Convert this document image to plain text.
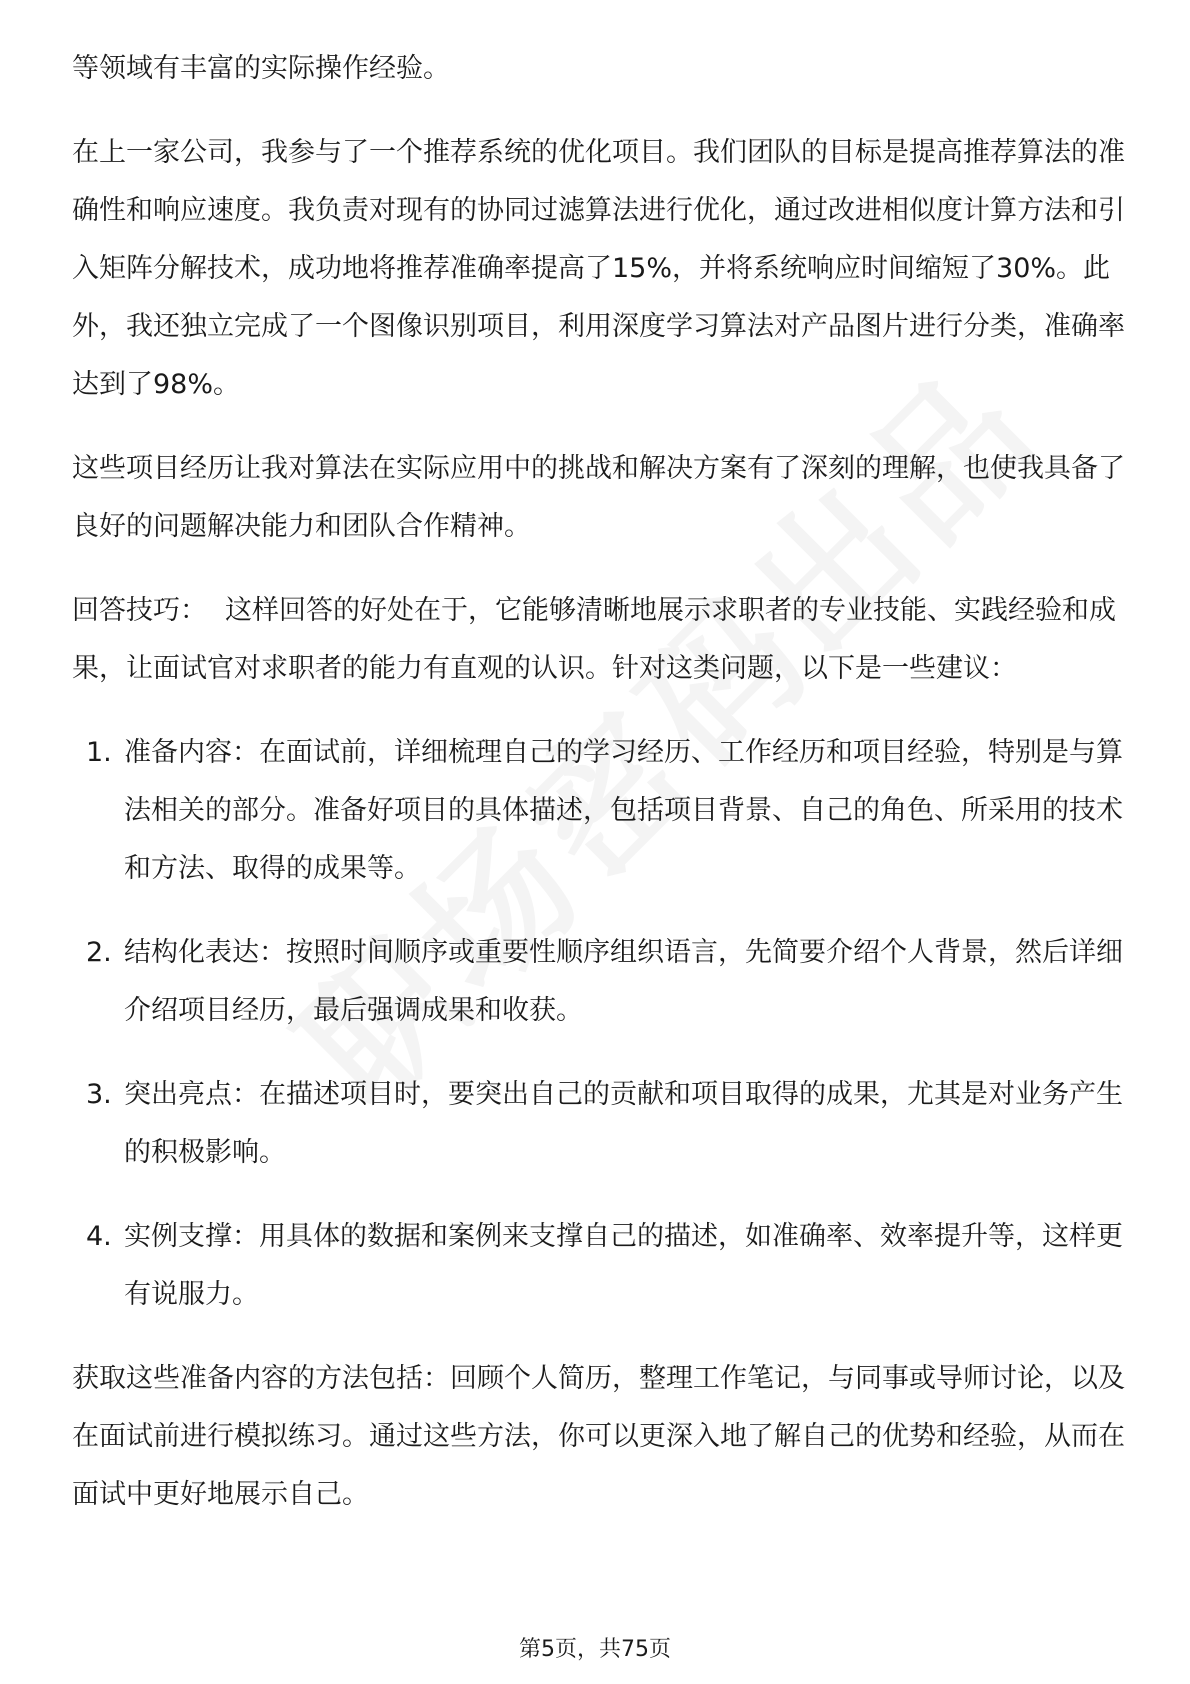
等领域有丰富的实际操作经验。

在上一家公司，我参与了一个推荐系统的优化项目。我们团队的目标是提高推荐算法的准确性和响应速度。我负责对现有的协同过滤算法进行优化，通过改进相似度计算方法和引入矩阵分解技术，成功地将推荐准确率提高了15%，并将系统响应时间缩短了30%。此外，我还独立完成了一个图像识别项目，利用深度学习算法对产品图片进行分类，准确率达到了98%。

这些项目经历让我对算法在实际应用中的挑战和解决方案有了深刻的理解，也使我具备了良好的问题解决能力和团队合作精神。

回答技巧： 这样回答的好处在于，它能够清晰地展示求职者的专业技能、实践经验和成果，让面试官对求职者的能力有直观的认识。针对这类问题，以下是一些建议：

1. 准备内容：在面试前，详细梳理自己的学习经历、工作经历和项目经验，特别是与算法相关的部分。准备好项目的具体描述，包括项目背景、自己的角色、所采用的技术和方法、取得的成果等。
2. 结构化表达：按照时间顺序或重要性顺序组织语言，先简要介绍个人背景，然后详细介绍项目经历，最后强调成果和收获。
3. 突出亮点：在描述项目时，要突出自己的贡献和项目取得的成果，尤其是对业务产生的积极影响。
4. 实例支撑：用具体的数据和案例来支撑自己的描述，如准确率、效率提升等，这样更有说服力。

获取这些准备内容的方法包括：回顾个人简历，整理工作笔记，与同事或导师讨论，以及在面试前进行模拟练习。通过这些方法，你可以更深入地了解自己的优势和经验，从而在面试中更好地展示自己。

第5页，共75页
